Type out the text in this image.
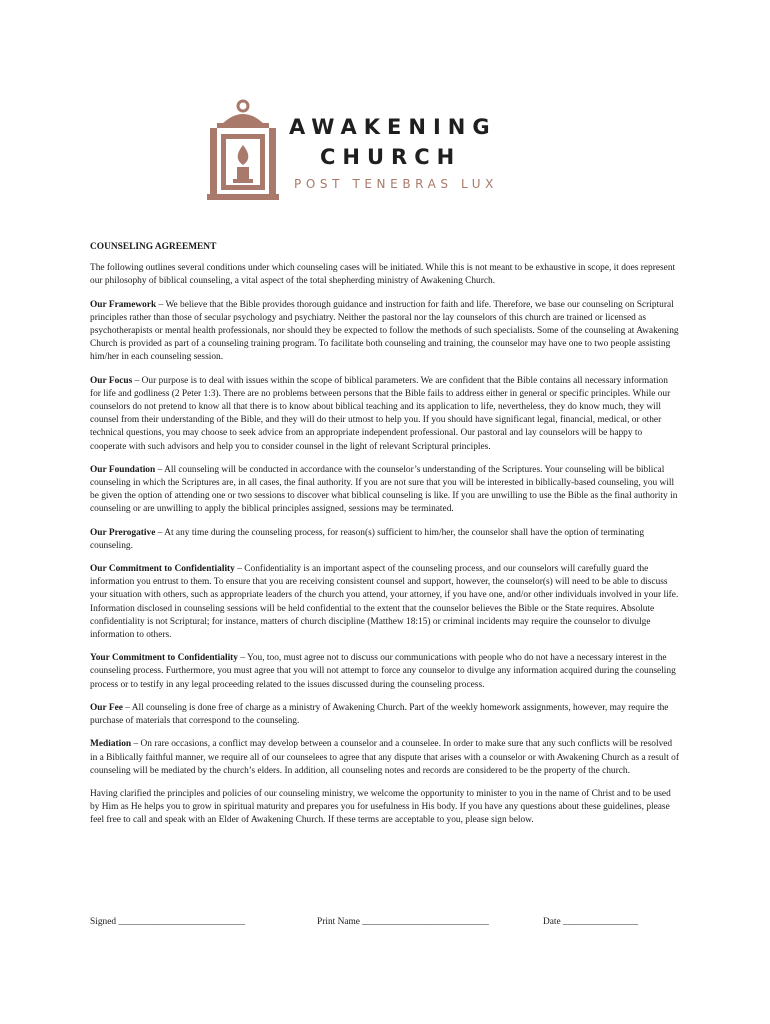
AWAKENING
CHURCH
POST TENEBRAS LUX
COUNSELING AGREEMENT

The following outlines several conditions under which counseling cases will be initiated. While this is not meant to be exhaustive in scope, it does represent our philosophy of biblical counseling, a vital aspect of the total shepherding ministry of Awakening Church.

Our Framework – We believe that the Bible provides thorough guidance and instruction for faith and life. Therefore, we base our counseling on Scriptural principles rather than those of secular psychology and psychiatry. Neither the pastoral nor the lay counselors of this church are trained or licensed as psychotherapists or mental health professionals, nor should they be expected to follow the methods of such specialists. Some of the counseling at Awakening Church is provided as part of a counseling training program. To facilitate both counseling and training, the counselor may have one to two people assisting him/her in each counseling session.

Our Focus – Our purpose is to deal with issues within the scope of biblical parameters. We are confident that the Bible contains all necessary information for life and godliness (2 Peter 1:3). There are no problems between persons that the Bible fails to address either in general or specific principles. While our counselors do not pretend to know all that there is to know about biblical teaching and its application to life, nevertheless, they do know much, they will counsel from their understanding of the Bible, and they will do their utmost to help you. If you should have significant legal, financial, medical, or other technical questions, you may choose to seek advice from an appropriate independent professional. Our pastoral and lay counselors will be happy to cooperate with such advisors and help you to consider counsel in the light of relevant Scriptural principles.

Our Foundation – All counseling will be conducted in accordance with the counselor’s understanding of the Scriptures. Your counseling will be biblical counseling in which the Scriptures are, in all cases, the final authority. If you are not sure that you will be interested in biblically-based counseling, you will be given the option of attending one or two sessions to discover what biblical counseling is like. If you are unwilling to use the Bible as the final authority in counseling or are unwilling to apply the biblical principles assigned, sessions may be terminated.

Our Prerogative – At any time during the counseling process, for reason(s) sufficient to him/her, the counselor shall have the option of terminating counseling.

Our Commitment to Confidentiality – Confidentiality is an important aspect of the counseling process, and our counselors will carefully guard the information you entrust to them. To ensure that you are receiving consistent counsel and support, however, the counselor(s) will need to be able to discuss your situation with others, such as appropriate leaders of the church you attend, your attorney, if you have one, and/or other individuals involved in your life. Information disclosed in counseling sessions will be held confidential to the extent that the counselor believes the Bible or the State requires. Absolute confidentiality is not Scriptural; for instance, matters of church discipline (Matthew 18:15) or criminal incidents may require the counselor to divulge information to others.

Your Commitment to Confidentiality – You, too, must agree not to discuss our communications with people who do not have a necessary interest in the counseling process. Furthermore, you must agree that you will not attempt to force any counselor to divulge any information acquired during the counseling process or to testify in any legal proceeding related to the issues discussed during the counseling process.

Our Fee – All counseling is done free of charge as a ministry of Awakening Church. Part of the weekly homework assignments, however, may require the purchase of materials that correspond to the counseling.

Mediation – On rare occasions, a conflict may develop between a counselor and a counselee. In order to make sure that any such conflicts will be resolved in a Biblically faithful manner, we require all of our counselees to agree that any dispute that arises with a counselor or with Awakening Church as a result of counseling will be mediated by the church’s elders. In addition, all counseling notes and records are considered to be the property of the church.

Having clarified the principles and policies of our counseling ministry, we welcome the opportunity to minister to you in the name of Christ and to be used by Him as He helps you to grow in spiritual maturity and prepares you for usefulness in His body. If you have any questions about these guidelines, please feel free to call and speak with an Elder of Awakening Church. If these terms are acceptable to you, please sign below.

Signed ___________________________	Print Name ___________________________	Date ________________
